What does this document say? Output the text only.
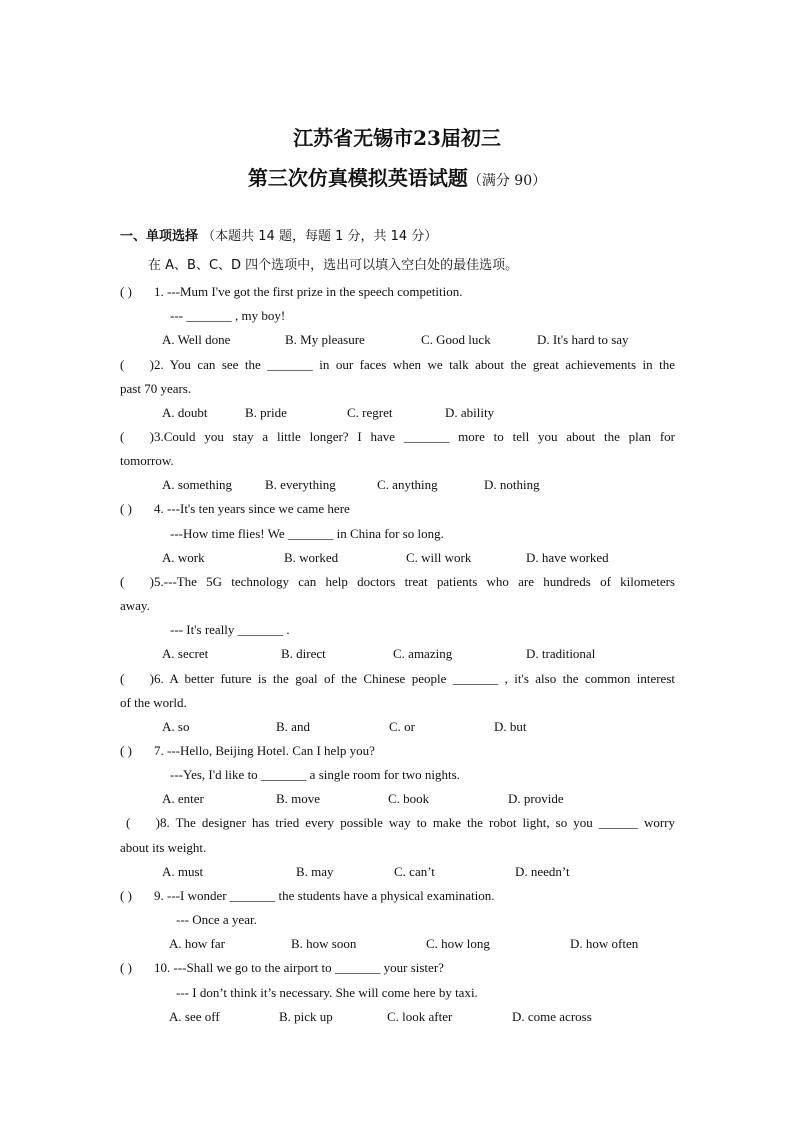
江苏省无锡市23届初三
第三次仿真模拟英语试题（满分 90）
一、单项选择 （本题共 14 题，每题 1 分，共 14 分）
在 A、B、C、D 四个选项中，选出可以填入空白处的最佳选项。
( ) 1. ---Mum I've got the first prize in the speech competition.
--- _______ , my boy!
A. Well done	B. My pleasure	C. Good luck	D. It's hard to say
( )2. You can see the _______ in our faces when we talk about the great achievements in the
past 70 years.
A. doubt	B. pride	C. regret	D. ability
( )3.Could you stay a little longer? I have _______ more to tell you about the plan for
tomorrow.
A. something	B. everything	C. anything	D. nothing
( ) 4. ---It's ten years since we came here
---How time flies! We _______ in China for so long.
A. work	B. worked	C. will work	D. have worked
( )5.---The 5G technology can help doctors treat patients who are hundreds of kilometers
away.
--- It's really _______ .
A. secret	B. direct	C. amazing	D. traditional
( )6. A better future is the goal of the Chinese people _______ , it's also the common interest
of the world.
A. so	B. and	C. or	D. but
( ) 7. ---Hello, Beijing Hotel. Can I help you?
---Yes, I'd like to _______ a single room for two nights.
A. enter	B. move	C. book	D. provide
( )8. The designer has tried every possible way to make the robot light, so you ______ worry
about its weight.
A. must	B. may	C. can’t	D. needn’t
( ) 9. ---I wonder _______ the students have a physical examination.
--- Once a year.
A. how far	B. how soon	C. how long	D. how often
( ) 10. ---Shall we go to the airport to _______ your sister?
--- I don’t think it’s necessary. She will come here by taxi.
A. see off	B. pick up	C. look after	D. come across
